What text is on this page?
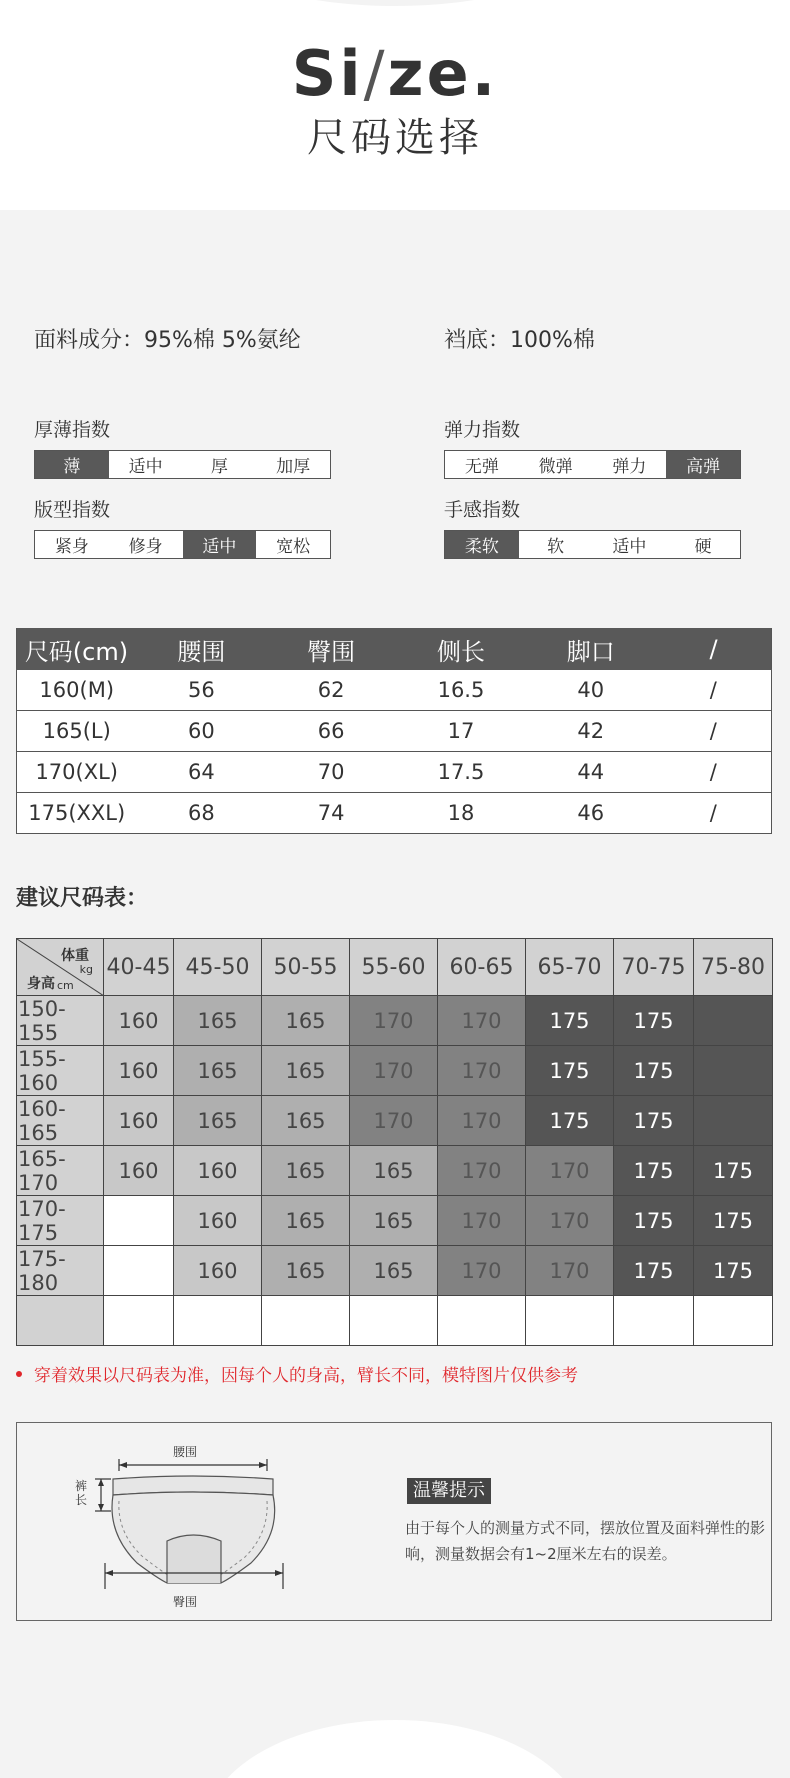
Si/ze.
尺码选择
面料成分：95%棉 5%氨纶	裆底：100%棉
厚薄指数
薄	适中	厚	加厚
弹力指数
无弹	微弹	弹力	高弹
版型指数
紧身	修身	适中	宽松
手感指数
柔软	软	适中	硬
尺码(cm)	腰围	臀围	侧长	脚口	/
160(M)	56	62	16.5	40	/
165(L)	60	66	17	42	/
170(XL)	64	70	17.5	44	/
175(XXL)	68	74	18	46	/
建议尺码表：
体重
kg
身高 cm	40-45	45-50	50-55	55-60	60-65	65-70	70-75	75-80
150-155	160	165	165	170	170	175	175	
155-160	160	165	165	170	170	175	175	
160-165	160	165	165	170	170	175	175	
165-170	160	160	165	165	170	170	175	175
170-175		160	165	165	170	170	175	175
175-180		160	165	165	170	170	175	175

穿着效果以尺码表为准，因每个人的身高，臂长不同，模特图片仅供参考
腰围
裤长
臀围
温馨提示
由于每个人的测量方式不同，摆放位置及面料弹性的影响，测量数据会有1~2厘米左右的误差。
